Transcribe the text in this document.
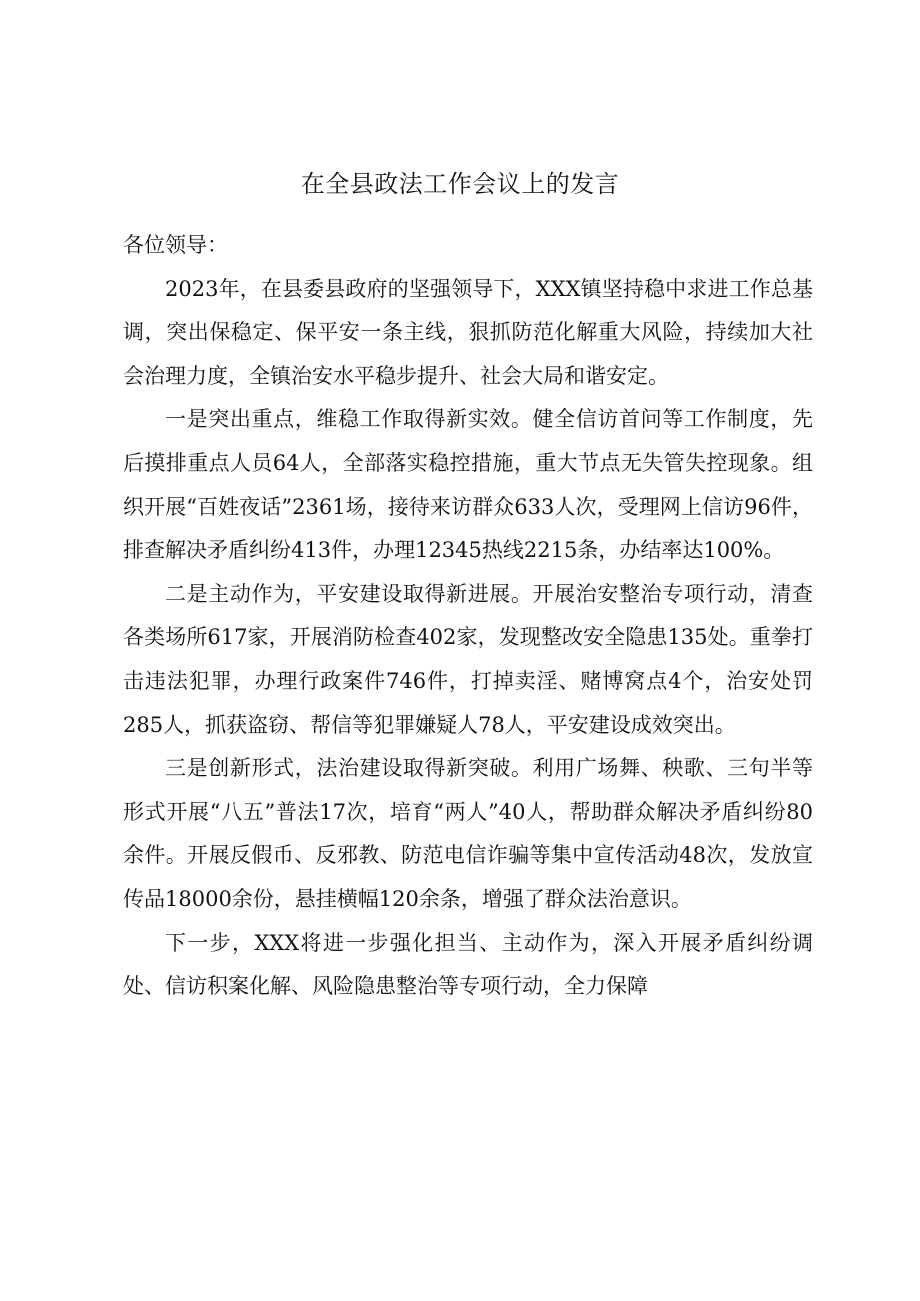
在全县政法工作会议上的发言

各位领导：

2023年，在县委县政府的坚强领导下，XXX镇坚持稳中求进工作总基调，突出保稳定、保平安一条主线，狠抓防范化解重大风险，持续加大社会治理力度，全镇治安水平稳步提升、社会大局和谐安定。

一是突出重点，维稳工作取得新实效。健全信访首问等工作制度，先后摸排重点人员64人，全部落实稳控措施，重大节点无失管失控现象。组织开展“百姓夜话”2361场，接待来访群众633人次，受理网上信访96件，排查解决矛盾纠纷413件，办理12345热线2215条，办结率达100%。

二是主动作为，平安建设取得新进展。开展治安整治专项行动，清查各类场所617家，开展消防检查402家，发现整改安全隐患135处。重拳打击违法犯罪，办理行政案件746件，打掉卖淫、赌博窝点4个，治安处罚285人，抓获盗窃、帮信等犯罪嫌疑人78人，平安建设成效突出。

三是创新形式，法治建设取得新突破。利用广场舞、秧歌、三句半等形式开展“八五”普法17次，培育“两人”40人，帮助群众解决矛盾纠纷80余件。开展反假币、反邪教、防范电信诈骗等集中宣传活动48次，发放宣传品18000余份，悬挂横幅120余条，增强了群众法治意识。

下一步，XXX将进一步强化担当、主动作为，深入开展矛盾纠纷调处、信访积案化解、风险隐患整治等专项行动，全力保障
